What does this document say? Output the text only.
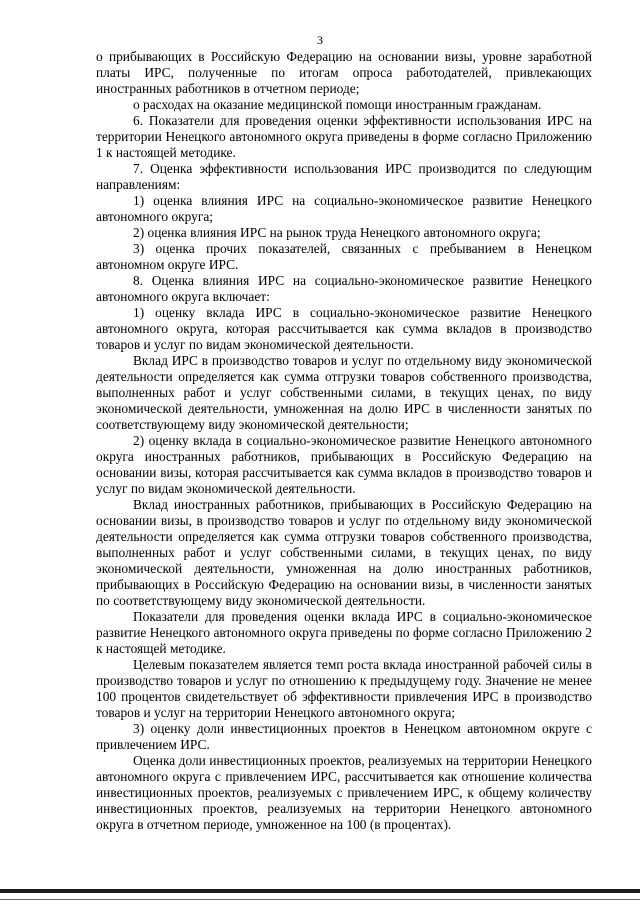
3

о прибывающих в Российскую Федерацию на основании визы, уровне заработной платы ИРС, полученные по итогам опроса работодателей, привлекающих иностранных работников в отчетном периоде;

о расходах на оказание медицинской помощи иностранным гражданам.

6. Показатели для проведения оценки эффективности использования ИРС на территории Ненецкого автономного округа приведены в форме согласно Приложению 1 к настоящей методике.

7. Оценка эффективности использования ИРС производится по следующим направлениям:

1) оценка влияния ИРС на социально-экономическое развитие Ненецкого автономного округа;

2) оценка влияния ИРС на рынок труда Ненецкого автономного округа;

3) оценка прочих показателей, связанных с пребыванием в Ненецком автономном округе ИРС.

8. Оценка влияния ИРС на социально-экономическое развитие Ненецкого автономного округа включает:

1) оценку вклада ИРС в социально-экономическое развитие Ненецкого автономного округа, которая рассчитывается как сумма вкладов в производство товаров и услуг по видам экономической деятельности.

Вклад ИРС в производство товаров и услуг по отдельному виду экономической деятельности определяется как сумма отгрузки товаров собственного производства, выполненных работ и услуг собственными силами, в текущих ценах, по виду экономической деятельности, умноженная на долю ИРС в численности занятых по соответствующему виду экономической деятельности;

2) оценку вклада в социально-экономическое развитие Ненецкого автономного округа иностранных работников, прибывающих в Российскую Федерацию на основании визы, которая рассчитывается как сумма вкладов в производство товаров и услуг по видам экономической деятельности.

Вклад иностранных работников, прибывающих в Российскую Федерацию на основании визы, в производство товаров и услуг по отдельному виду экономической деятельности определяется как сумма отгрузки товаров собственного производства, выполненных работ и услуг собственными силами, в текущих ценах, по виду экономической деятельности, умноженная на долю иностранных работников, прибывающих в Российскую Федерацию на основании визы, в численности занятых по соответствующему виду экономической деятельности.

Показатели для проведения оценки вклада ИРС в социально-экономическое развитие Ненецкого автономного округа приведены по форме согласно Приложению 2 к настоящей методике.

Целевым показателем является темп роста вклада иностранной рабочей силы в производство товаров и услуг по отношению к предыдущему году. Значение не менее 100 процентов свидетельствует об эффективности привлечения ИРС в производство товаров и услуг на территории Ненецкого автономного округа;

3) оценку доли инвестиционных проектов в Ненецком автономном округе с привлечением ИРС.

Оценка доли инвестиционных проектов, реализуемых на территории Ненецкого автономного округа с привлечением ИРС, рассчитывается как отношение количества инвестиционных проектов, реализуемых с привлечением ИРС, к общему количеству инвестиционных проектов, реализуемых на территории Ненецкого автономного округа в отчетном периоде, умноженное на 100 (в процентах).
